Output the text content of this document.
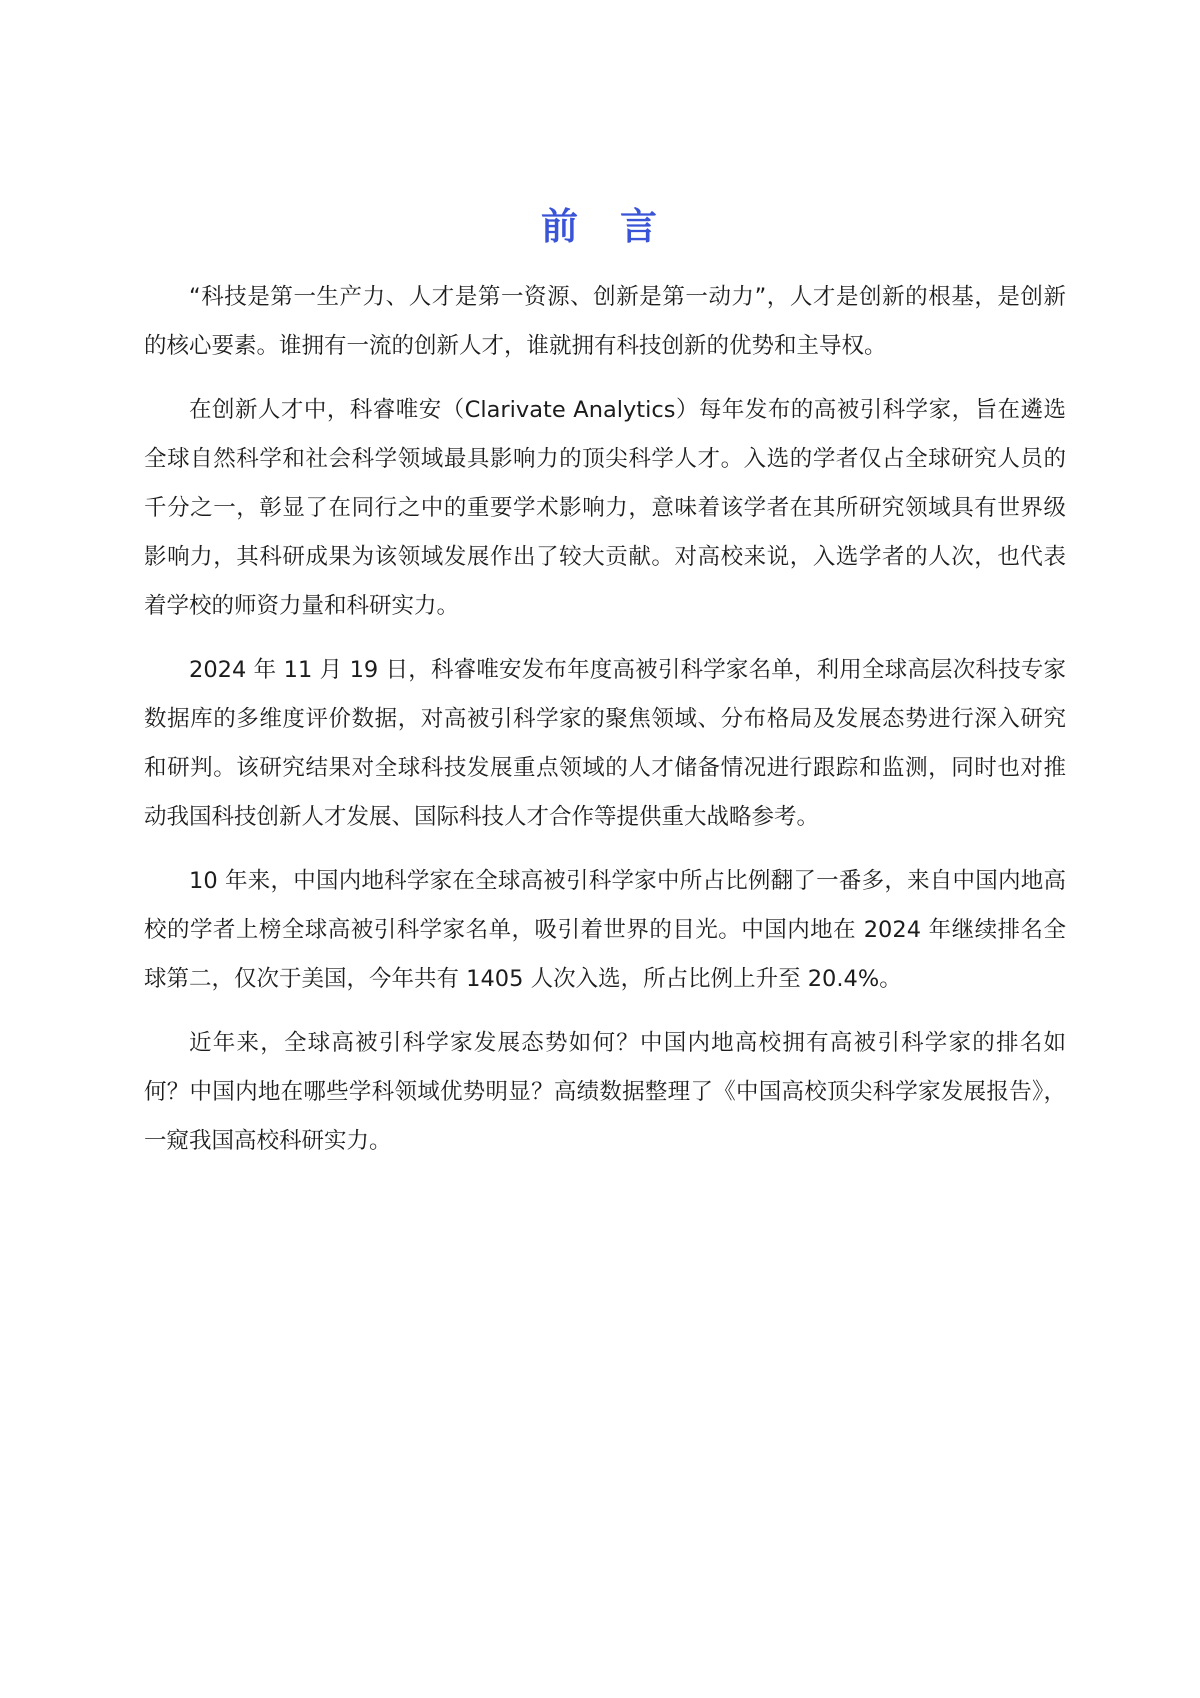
前 言

“科技是第一生产力、人才是第一资源、创新是第一动力”，人才是创新的根基，是创新的核心要素。谁拥有一流的创新人才，谁就拥有科技创新的优势和主导权。

在创新人才中，科睿唯安（Clarivate Analytics）每年发布的高被引科学家，旨在遴选全球自然科学和社会科学领域最具影响力的顶尖科学人才。入选的学者仅占全球研究人员的千分之一，彰显了在同行之中的重要学术影响力，意味着该学者在其所研究领域具有世界级影响力，其科研成果为该领域发展作出了较大贡献。对高校来说，入选学者的人次，也代表着学校的师资力量和科研实力。

2024 年 11 月 19 日，科睿唯安发布年度高被引科学家名单，利用全球高层次科技专家数据库的多维度评价数据，对高被引科学家的聚焦领域、分布格局及发展态势进行深入研究和研判。该研究结果对全球科技发展重点领域的人才储备情况进行跟踪和监测，同时也对推动我国科技创新人才发展、国际科技人才合作等提供重大战略参考。

10 年来，中国内地科学家在全球高被引科学家中所占比例翻了一番多，来自中国内地高校的学者上榜全球高被引科学家名单，吸引着世界的目光。中国内地在 2024 年继续排名全球第二，仅次于美国，今年共有 1405 人次入选，所占比例上升至 20.4%。

近年来，全球高被引科学家发展态势如何？中国内地高校拥有高被引科学家的排名如何？中国内地在哪些学科领域优势明显？高绩数据整理了《中国高校顶尖科学家发展报告》，一窥我国高校科研实力。
